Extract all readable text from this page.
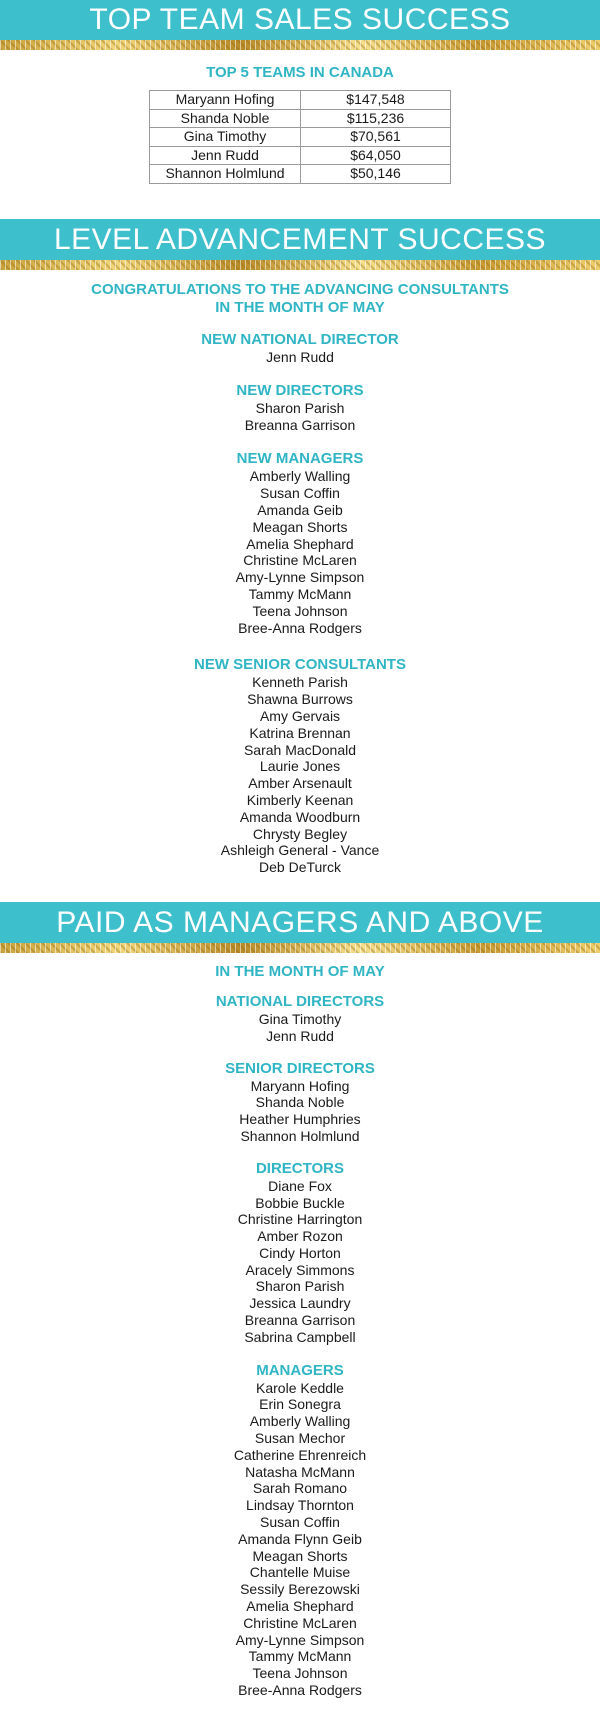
TOP TEAM SALES SUCCESS

TOP 5 TEAMS IN CANADA

Maryann Hofing	$147,548
Shanda Noble	$115,236
Gina Timothy	$70,561
Jenn Rudd	$64,050
Shannon Holmlund	$50,146
LEVEL ADVANCEMENT SUCCESS

CONGRATULATIONS TO THE ADVANCING CONSULTANTS

IN THE MONTH OF MAY

NEW NATIONAL DIRECTOR

Jenn Rudd

NEW DIRECTORS

Sharon Parish

Breanna Garrison

NEW MANAGERS

Amberly Walling

Susan Coffin

Amanda Geib

Meagan Shorts

Amelia Shephard

Christine McLaren

Amy-Lynne Simpson

Tammy McMann

Teena Johnson

Bree-Anna Rodgers

NEW SENIOR CONSULTANTS

Kenneth Parish

Shawna Burrows

Amy Gervais

Katrina Brennan

Sarah MacDonald

Laurie Jones

Amber Arsenault

Kimberly Keenan

Amanda Woodburn

Chrysty Begley

Ashleigh General - Vance

Deb DeTurck

PAID AS MANAGERS AND ABOVE

IN THE MONTH OF MAY

NATIONAL DIRECTORS

Gina Timothy

Jenn Rudd

SENIOR DIRECTORS

Maryann Hofing

Shanda Noble

Heather Humphries

Shannon Holmlund

DIRECTORS

Diane Fox

Bobbie Buckle

Christine Harrington

Amber Rozon

Cindy Horton

Aracely Simmons

Sharon Parish

Jessica Laundry

Breanna Garrison

Sabrina Campbell

MANAGERS

Karole Keddle

Erin Sonegra

Amberly Walling

Susan Mechor

Catherine Ehrenreich

Natasha McMann

Sarah Romano

Lindsay Thornton

Susan Coffin

Amanda Flynn Geib

Meagan Shorts

Chantelle Muise

Sessily Berezowski

Amelia Shephard

Christine McLaren

Amy-Lynne Simpson

Tammy McMann

Teena Johnson

Bree-Anna Rodgers
